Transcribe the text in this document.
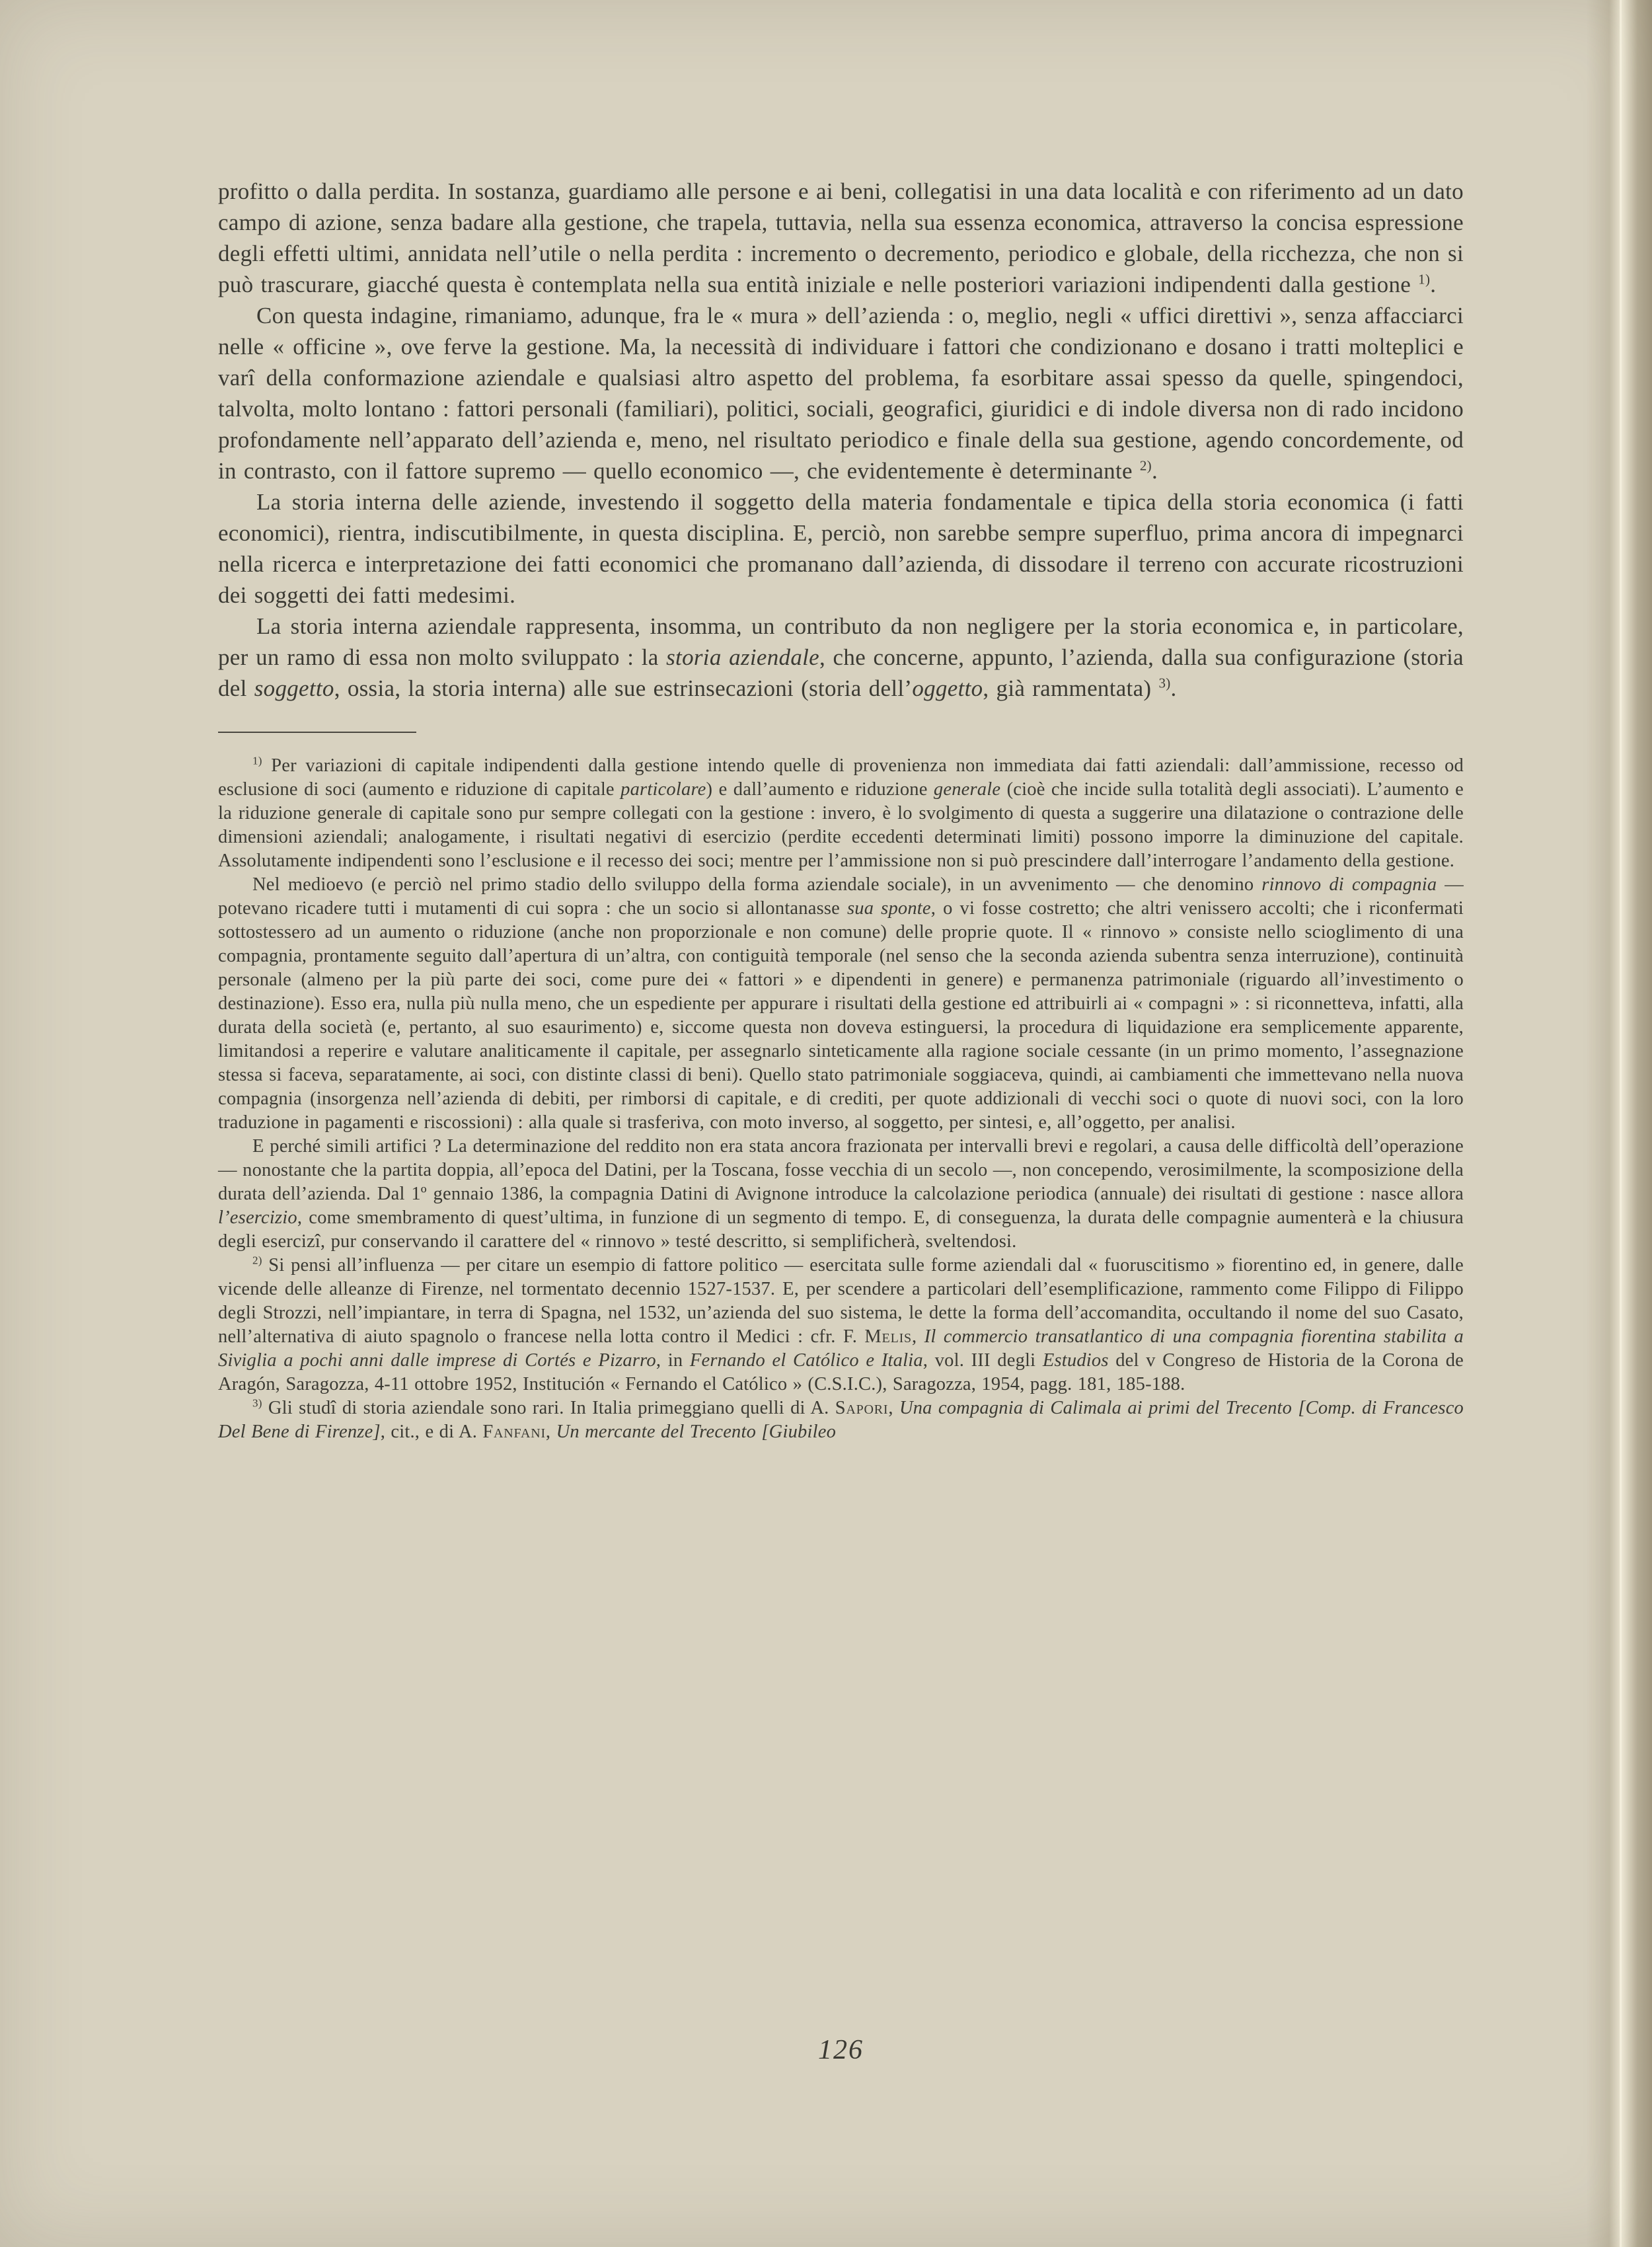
profitto o dalla perdita. In sostanza, guardiamo alle persone e ai beni, collegatisi in una data località e con riferimento ad un dato campo di azione, senza badare alla gestione, che trapela, tuttavia, nella sua essenza economica, attraverso la concisa espressione degli effetti ultimi, annidata nell’utile o nella perdita : incremento o decremento, periodico e globale, della ricchezza, che non si può trascurare, giacché questa è contemplata nella sua entità iniziale e nelle posteriori variazioni indipendenti dalla gestione $^{1)}$.

Con questa indagine, rimaniamo, adunque, fra le « mura » dell’azienda : o, meglio, negli « uffici direttivi », senza affacciarci nelle « officine », ove ferve la gestione. Ma, la necessità di individuare i fattori che condizionano e dosano i tratti molteplici e varî della conformazione aziendale e qualsiasi altro aspetto del problema, fa esorbitare assai spesso da quelle, spingendoci, talvolta, molto lontano : fattori personali (familiari), politici, sociali, geografici, giuridici e di indole diversa non di rado incidono profondamente nell’apparato dell’azienda e, meno, nel risultato periodico e finale della sua gestione, agendo concordemente, od in contrasto, con il fattore supremo — quello economico —, che evidentemente è determinante $^{2)}$.

La storia interna delle aziende, investendo il soggetto della materia fondamentale e tipica della storia economica (i fatti economici), rientra, indiscutibilmente, in questa disciplina. E, perciò, non sarebbe sempre superfluo, prima ancora di impegnarci nella ricerca e interpretazione dei fatti economici che promanano dall’azienda, di dissodare il terreno con accurate ricostruzioni dei soggetti dei fatti medesimi.

La storia interna aziendale rappresenta, insomma, un contributo da non negligere per la storia economica e, in particolare, per un ramo di essa non molto sviluppato : la storia aziendale, che concerne, appunto, l’azienda, dalla sua configurazione (storia del soggetto, ossia, la storia interna) alle sue estrinsecazioni (storia dell’oggetto, già rammentata) $^{3)}$.

$^{1)}$ Per variazioni di capitale indipendenti dalla gestione intendo quelle di provenienza non immediata dai fatti aziendali: dall’ammissione, recesso od esclusione di soci (aumento e riduzione di capitale particolare) e dall’aumento e riduzione generale (cioè che incide sulla totalità degli associati). L’aumento e la riduzione generale di capitale sono pur sempre collegati con la gestione : invero, è lo svolgimento di questa a suggerire una dilatazione o contrazione delle dimensioni aziendali; analogamente, i risultati negativi di esercizio (perdite eccedenti determinati limiti) possono imporre la diminuzione del capitale. Assolutamente indipendenti sono l’esclusione e il recesso dei soci; mentre per l’ammissione non si può prescindere dall’interrogare l’andamento della gestione.

Nel medioevo (e perciò nel primo stadio dello sviluppo della forma aziendale sociale), in un avvenimento — che denomino rinnovo di compagnia — potevano ricadere tutti i mutamenti di cui sopra : che un socio si allontanasse sua sponte, o vi fosse costretto; che altri venissero accolti; che i riconfermati sottostessero ad un aumento o riduzione (anche non proporzionale e non comune) delle proprie quote. Il « rinnovo » consiste nello scioglimento di una compagnia, prontamente seguito dall’apertura di un’altra, con contiguità temporale (nel senso che la seconda azienda subentra senza interruzione), continuità personale (almeno per la più parte dei soci, come pure dei « fattori » e dipendenti in genere) e permanenza patrimoniale (riguardo all’investimento o destinazione). Esso era, nulla più nulla meno, che un espediente per appurare i risultati della gestione ed attribuirli ai « compagni » : si riconnetteva, infatti, alla durata della società (e, pertanto, al suo esaurimento) e, siccome questa non doveva estinguersi, la procedura di liquidazione era semplicemente apparente, limitandosi a reperire e valutare analiticamente il capitale, per assegnarlo sinteticamente alla ragione sociale cessante (in un primo momento, l’assegnazione stessa si faceva, separatamente, ai soci, con distinte classi di beni). Quello stato patrimoniale soggiaceva, quindi, ai cambiamenti che immettevano nella nuova compagnia (insorgenza nell’azienda di debiti, per rimborsi di capitale, e di crediti, per quote addizionali di vecchi soci o quote di nuovi soci, con la loro traduzione in pagamenti e riscossioni) : alla quale si trasferiva, con moto inverso, al soggetto, per sintesi, e, all’oggetto, per analisi.

E perché simili artifici ? La determinazione del reddito non era stata ancora frazionata per intervalli brevi e regolari, a causa delle difficoltà dell’operazione — nonostante che la partita doppia, all’epoca del Datini, per la Toscana, fosse vecchia di un secolo —, non concependo, verosimilmente, la scomposizione della durata dell’azienda. Dal 1º gennaio 1386, la compagnia Datini di Avignone introduce la calcolazione periodica (annuale) dei risultati di gestione : nasce allora l’esercizio, come smembramento di quest’ultima, in funzione di un segmento di tempo. E, di conseguenza, la durata delle compagnie aumenterà e la chiusura degli esercizî, pur conservando il carattere del « rinnovo » testé descritto, si semplificherà, sveltendosi.

$^{2)}$ Si pensi all’influenza — per citare un esempio di fattore politico — esercitata sulle forme aziendali dal « fuoruscitismo » fiorentino ed, in genere, dalle vicende delle alleanze di Firenze, nel tormentato decennio 1527-1537. E, per scendere a particolari dell’esemplificazione, rammento come Filippo di Filippo degli Strozzi, nell’impiantare, in terra di Spagna, nel 1532, un’azienda del suo sistema, le dette la forma dell’accomandita, occultando il nome del suo Casato, nell’alternativa di aiuto spagnolo o francese nella lotta contro il Medici : cfr. F. Melis, Il commercio transatlantico di una compagnia fiorentina stabilita a Siviglia a pochi anni dalle imprese di Cortés e Pizarro, in Fernando el Católico e Italia, vol. III degli Estudios del v Congreso de Historia de la Corona de Aragón, Saragozza, 4-11 ottobre 1952, Institución « Fernando el Católico » (C.S.I.C.), Saragozza, 1954, pagg. 181, 185-188.

$^{3)}$ Gli studî di storia aziendale sono rari. In Italia primeggiano quelli di A. Sapori, Una compagnia di Calimala ai primi del Trecento [Comp. di Francesco Del Bene di Firenze], cit., e di A. Fanfani, Un mercante del Trecento [Giubileo

126
